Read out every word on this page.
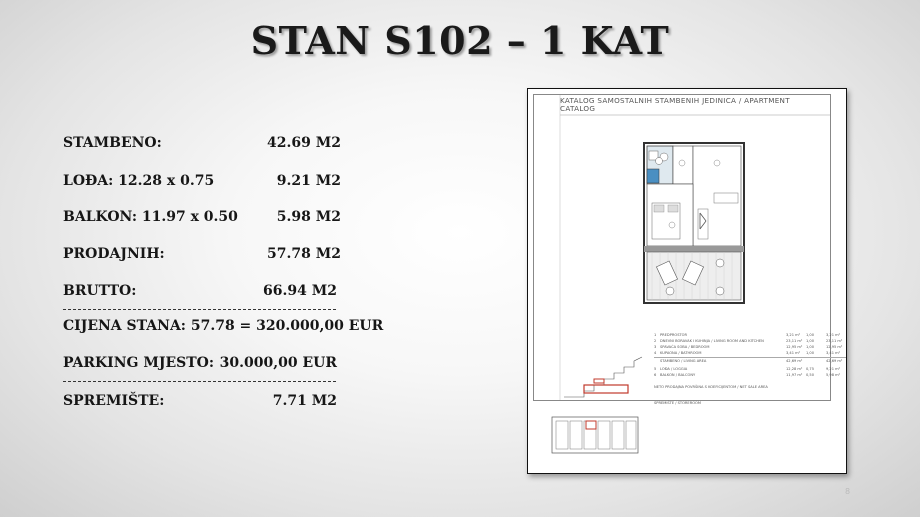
STAN S102 – 1 KAT
STAMBENO:	42.69 M2
LOĐA: 12.28 x 0.75	9.21 M2
BALKON: 11.97 x 0.50	5.98 M2
PRODAJNIH:	57.78 M2
BRUTTO:	66.94 M2
CIJENA STANA: 57.78 = 320.000,00 EUR
PARKING MJESTO: 30.000,00 EUR
SPREMIŠTE:	7.71 M2
KATALOG SAMOSTALNIH STAMBENIH JEDINICA / APARTMENT CATALOG
1 PREDPROSTOR	3,21 m² 1,00	3,21 m²
2 DNEVNI BORAVAK I KUHINJA / LIVING ROOM AND KITCHEN	23,11 m² 1,00	23,11 m²
3 SPAVAĆA SOBA / BEDROOM	12,95 m² 1,00	12,95 m²
4 KUPAONA / BATHROOM	3,41 m² 1,00	3,41 m²
STAMBENO / LIVING AREA	42,69 m²	42,69 m²
5 LOĐA / LOGGIA	12,28 m² 0,75	9,21 m²
6 BALKON / BALCONY	11,97 m² 0,50	5,98 m²
NETO PRODAJNA POVRŠINA S KOEFICIJENTOM / NET SALE AREA
SPREMIŠTE / STOREROOM
8
